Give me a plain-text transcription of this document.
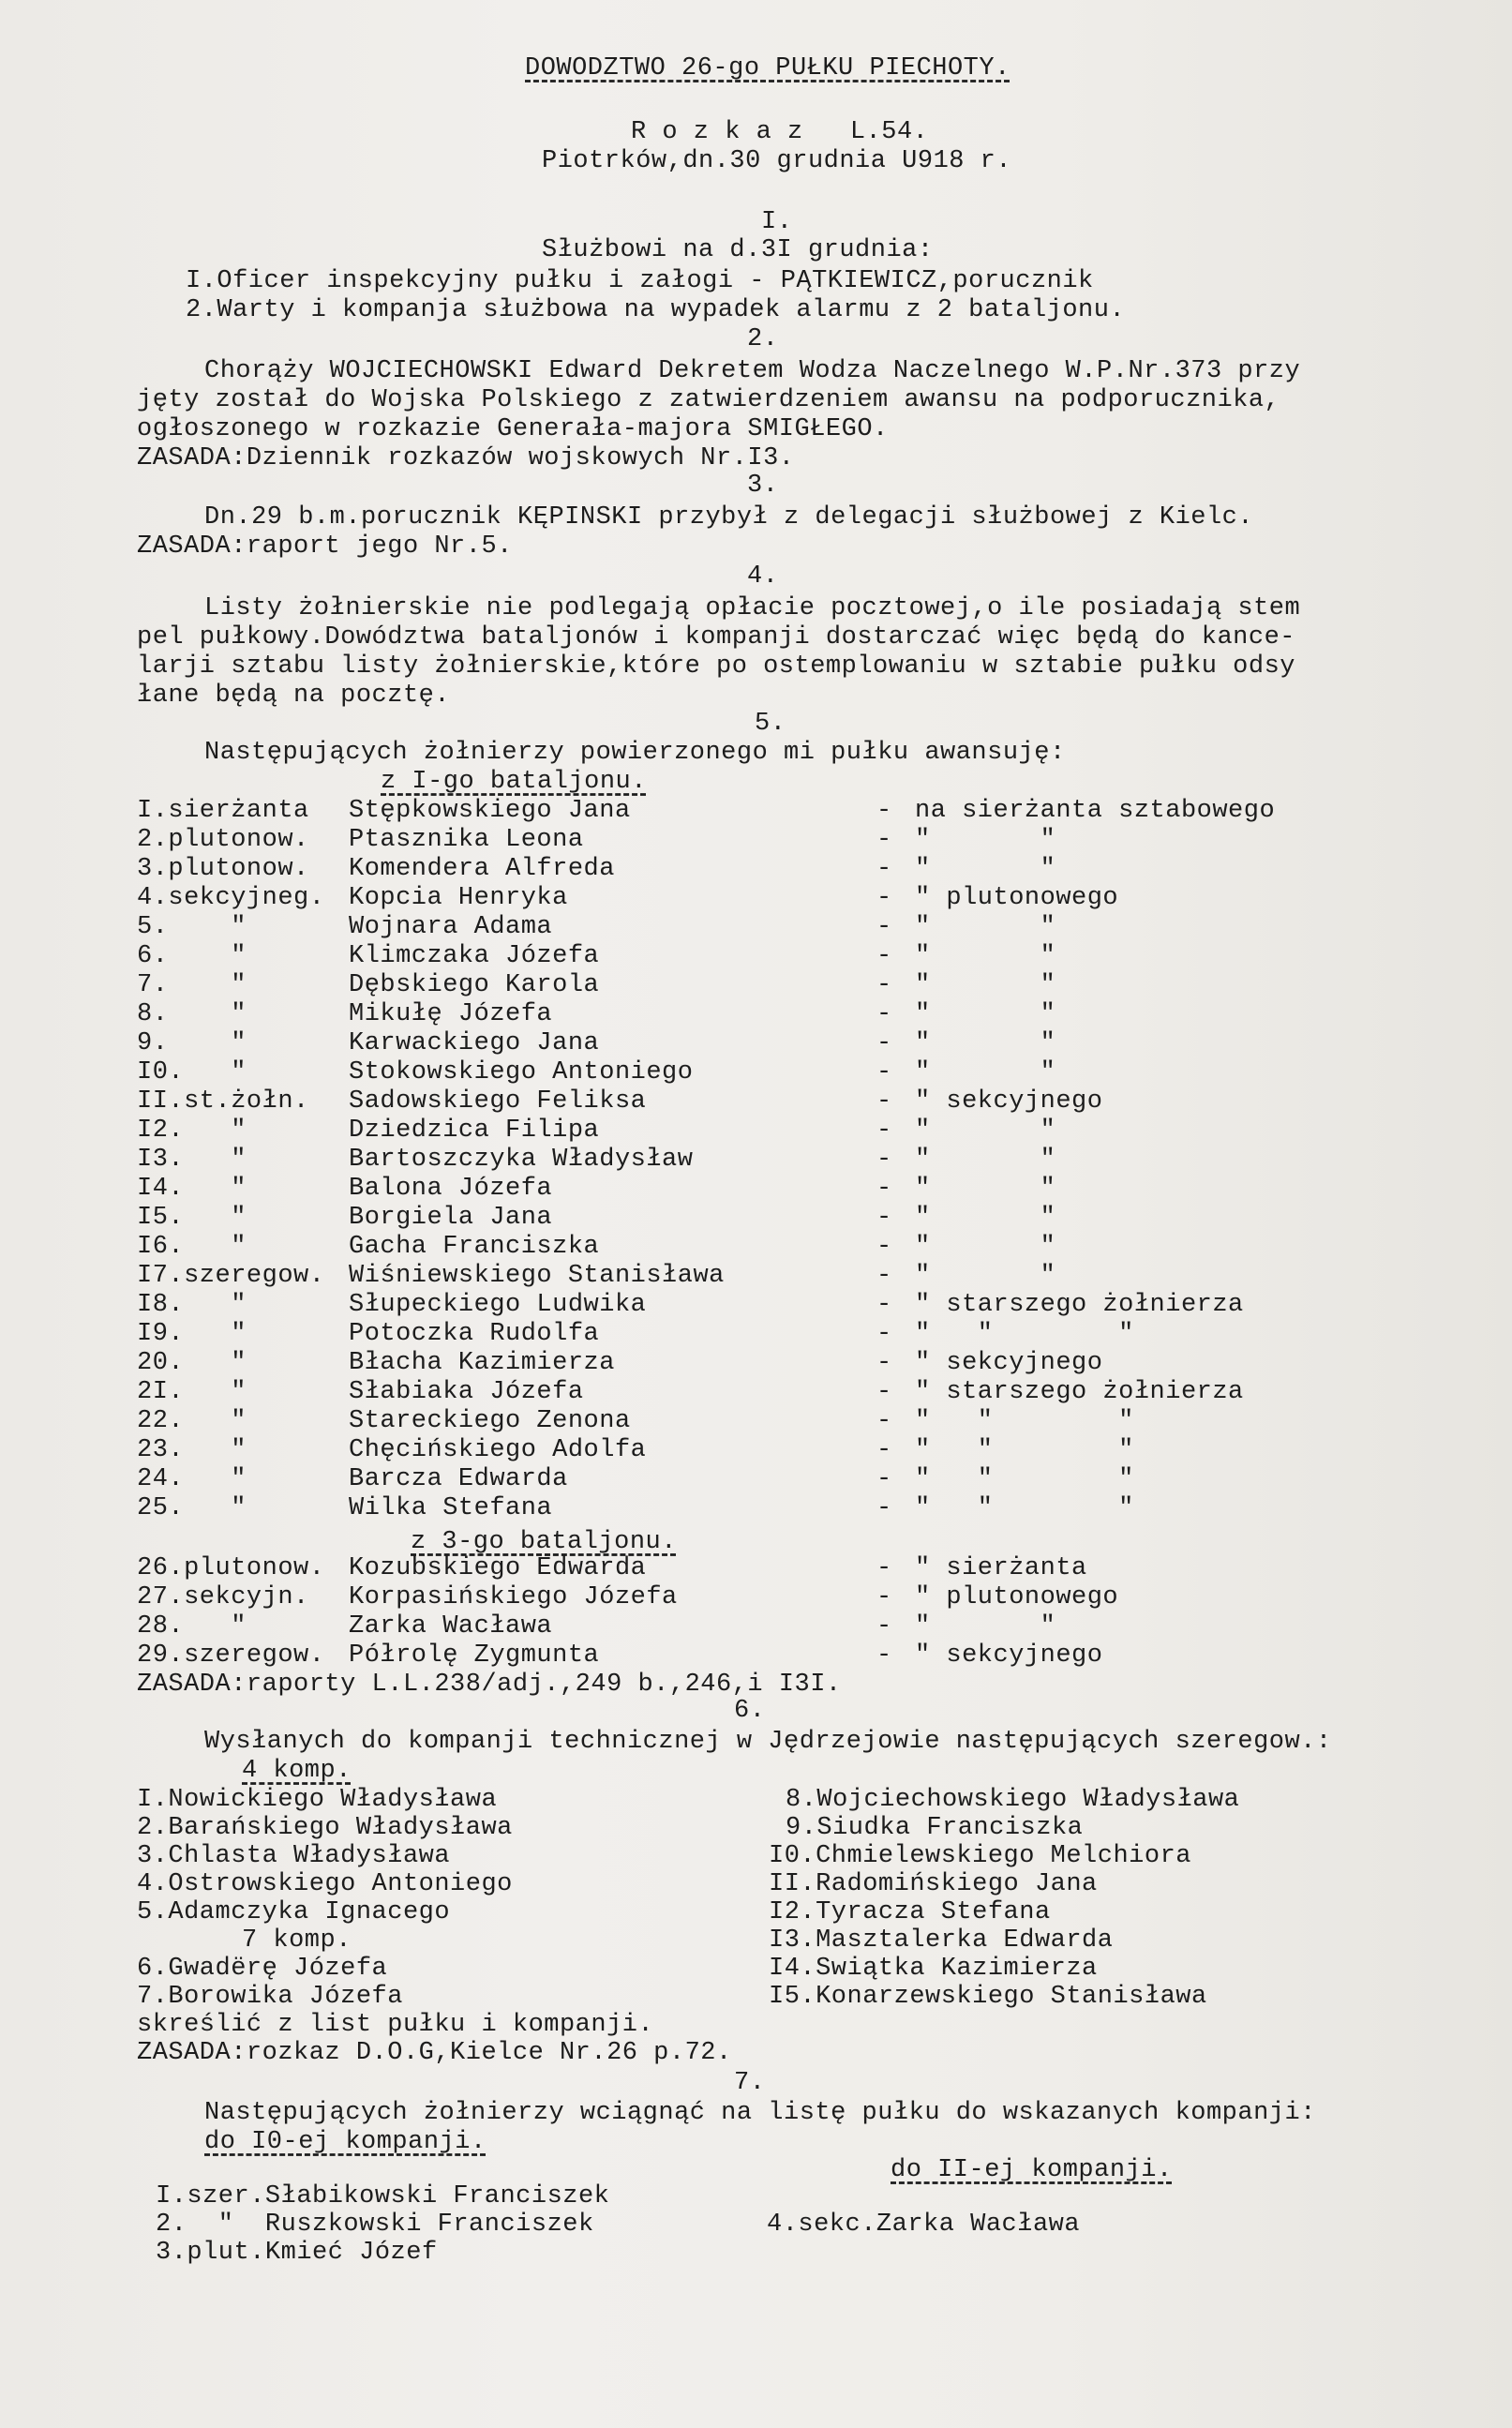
DOWODZTWO 26-go PUŁKU PIECHOTY.
R o z k a z   L.54.
Piotrków,dn.30 grudnia U918 r.
I.
Służbowi na d.3I grudnia:
I.Oficer inspekcyjny pułku i załogi - PĄTKIEWICZ,porucznik
2.Warty i kompanja służbowa na wypadek alarmu z 2 bataljonu.
2.
Chorąży WOJCIECHOWSKI Edward Dekretem Wodza Naczelnego W.P.Nr.373 przy
jęty został do Wojska Polskiego z zatwierdzeniem awansu na podporucznika,
ogłoszonego w rozkazie Generała-majora SMIGŁEGO.
ZASADA:Dziennik rozkazów wojskowych Nr.I3.
3.
Dn.29 b.m.porucznik KĘPINSKI przybył z delegacji służbowej z Kielc.
ZASADA:raport jego Nr.5.
4.
Listy żołnierskie nie podlegają opłacie pocztowej,o ile posiadają stem
pel pułkowy.Dowództwa bataljonów i kompanji dostarczać więc będą do kance-
larji sztabu listy żołnierskie,które po ostemplowaniu w sztabie pułku odsy
łane będą na pocztę.
5.
Następujących żołnierzy powierzonego mi pułku awansuję:
z I-go bataljonu.
I.sierżanta Stępkowskiego Jana	- na sierżanta sztabowego
2.plutonow. Ptasznika Leona	- "       "
3.plutonow. Komendera Alfreda	- "       "
4.sekcyjneg. Kopcia Henryka	- " plutonowego
5.    "	Wojnara Adama	- "       "
6.    "	Klimczaka Józefa	- "       "
7.    "	Dębskiego Karola	- "       "
8.    "	Mikułę Józefa	- "       "
9.    "	Karwackiego Jana	- "       "
I0.   "	Stokowskiego Antoniego	- "       "
II.st.żołn. Sadowskiego Feliksa	- " sekcyjnego
I2.   "	Dziedzica Filipa	- "       "
I3.   "	Bartoszczyka Władysław	- "       "
I4.   "	Balona Józefa	- "       "
I5.   "	Borgiela Jana	- "       "
I6.   "	Gacha Franciszka	- "       "
I7.szeregow. Wiśniewskiego Stanisława	- "       "
I8.   "	Słupeckiego Ludwika	- " starszego żołnierza
I9.   "	Potoczka Rudolfa	- "   "        "
20.   "	Błacha Kazimierza	- " sekcyjnego
2I.   "	Słabiaka Józefa	- " starszego żołnierza
22.   "	Stareckiego Zenona	- "   "        "
23.   "	Chęcińskiego Adolfa	- "   "        "
24.   "	Barcza Edwarda	- "   "        "
25.   "	Wilka Stefana	- "   "        "
z 3-go bataljonu.
26.plutonow. Kozubskiego Edwarda	- " sierżanta
27.sekcyjn. Korpasińskiego Józefa	- " plutonowego
28.   "	Zarka Wacława	- "       "
29.szeregow. Półrolę Zygmunta	- " sekcyjnego
ZASADA:raporty L.L.238/adj.,249 b.,246,i I3I.
6.
Wysłanych do kompanji technicznej w Jędrzejowie następujących szeregow.:
4 komp.
I.Nowickiego Władysława
2.Barańskiego Władysława
3.Chlasta Władysława
4.Ostrowskiego Antoniego
5.Adamczyka Ignacego
7 komp.
6.Gwadërę Józefa
7.Borowika Józefa
8.Wojciechowskiego Władysława
9.Siudka Franciszka
I0.Chmielewskiego Melchiora
II.Radomińskiego Jana
I2.Tyracza Stefana
I3.Masztalerka Edwarda
I4.Swiątka Kazimierza
I5.Konarzewskiego Stanisława
skreślić z list pułku i kompanji.
ZASADA:rozkaz D.O.G,Kielce Nr.26 p.72.
7.
Następujących żołnierzy wciągnąć na listę pułku do wskazanych kompanji:
do I0-ej kompanji.
do II-ej kompanji.
I.szer.Słabikowski Franciszek
2.  "  Ruszkowski Franciszek
3.plut.Kmieć Józef
4.sekc.Zarka Wacława
